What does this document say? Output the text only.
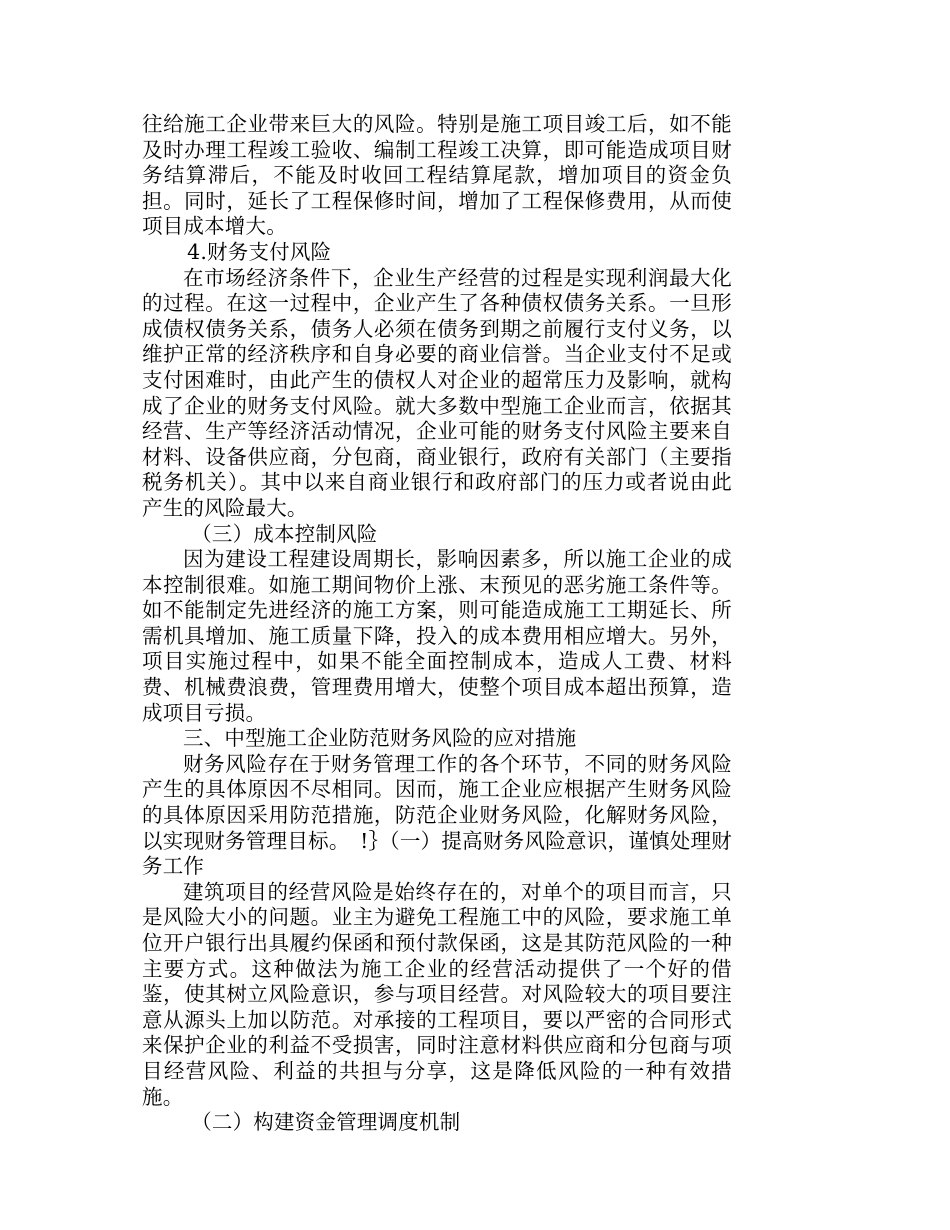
往给施工企业带来巨大的风险。特别是施工项目竣工后，如不能及时办理工程竣工验收、编制工程竣工决算，即可能造成项目财务结算滞后，不能及时收回工程结算尾款，增加项目的资金负担。同时，延长了工程保修时间，增加了工程保修费用，从而使项目成本增大。

4.财务支付风险

在市场经济条件下，企业生产经营的过程是实现利润最大化的过程。在这一过程中，企业产生了各种债权债务关系。一旦形成债权债务关系，债务人必须在债务到期之前履行支付义务，以维护正常的经济秩序和自身必要的商业信誉。当企业支付不足或支付困难时，由此产生的债权人对企业的超常压力及影响，就构成了企业的财务支付风险。就大多数中型施工企业而言，依据其经营、生产等经济活动情况，企业可能的财务支付风险主要来自材料、设备供应商，分包商，商业银行，政府有关部门（主要指税务机关）。其中以来自商业银行和政府部门的压力或者说由此产生的风险最大。

（三）成本控制风险

因为建设工程建设周期长，影响因素多，所以施工企业的成本控制很难。如施工期间物价上涨、末预见的恶劣施工条件等。如不能制定先进经济的施工方案，则可能造成施工工期延长、所需机具增加、施工质量下降，投入的成本费用相应增大。另外，项目实施过程中，如果不能全面控制成本，造成人工费、材料费、机械费浪费，管理费用增大，使整个项目成本超出预算，造成项目亏损。

三、中型施工企业防范财务风险的应对措施

财务风险存在于财务管理工作的各个环节，不同的财务风险产生的具体原因不尽相同。因而，施工企业应根据产生财务风险的具体原因采用防范措施，防范企业财务风险，化解财务风险，以实现财务管理目标。　!｝（一）提高财务风险意识，谨慎处理财务工作

建筑项目的经营风险是始终存在的，对单个的项目而言，只是风险大小的问题。业主为避免工程施工中的风险，要求施工单位开户银行出具履约保函和预付款保函，这是其防范风险的一种主要方式。这种做法为施工企业的经营活动提供了一个好的借鉴，使其树立风险意识，参与项目经营。对风险较大的项目要注意从源头上加以防范。对承接的工程项目，要以严密的合同形式来保护企业的利益不受损害，同时注意材料供应商和分包商与项目经营风险、利益的共担与分享，这是降低风险的一种有效措施。

（二）构建资金管理调度机制
